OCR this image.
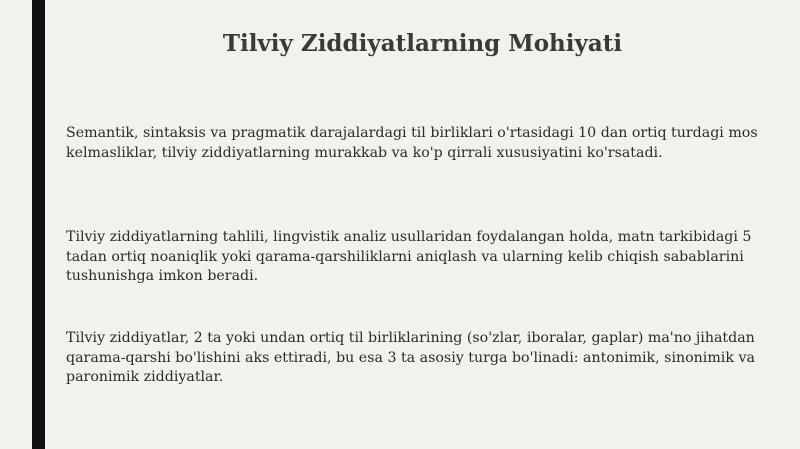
Tilviy Ziddiyatlarning Mohiyati

Semantik, sintaksis va pragmatik darajalardagi til birliklari o'rtasidagi 10 dan ortiq turdagi mos kelmasliklar, tilviy ziddiyatlarning murakkab va ko'p qirrali xususiyatini ko'rsatadi.

Tilviy ziddiyatlarning tahlili, lingvistik analiz usullaridan foydalangan holda, matn tarkibidagi 5 tadan ortiq noaniqlik yoki qarama-qarshiliklarni aniqlash va ularning kelib chiqish sabablarini tushunishga imkon beradi.

Tilviy ziddiyatlar, 2 ta yoki undan ortiq til birliklarining (so'zlar, iboralar, gaplar) ma'no jihatdan qarama-qarshi bo'lishini aks ettiradi, bu esa 3 ta asosiy turga bo'linadi: antonimik, sinonimik va paronimik ziddiyatlar.
